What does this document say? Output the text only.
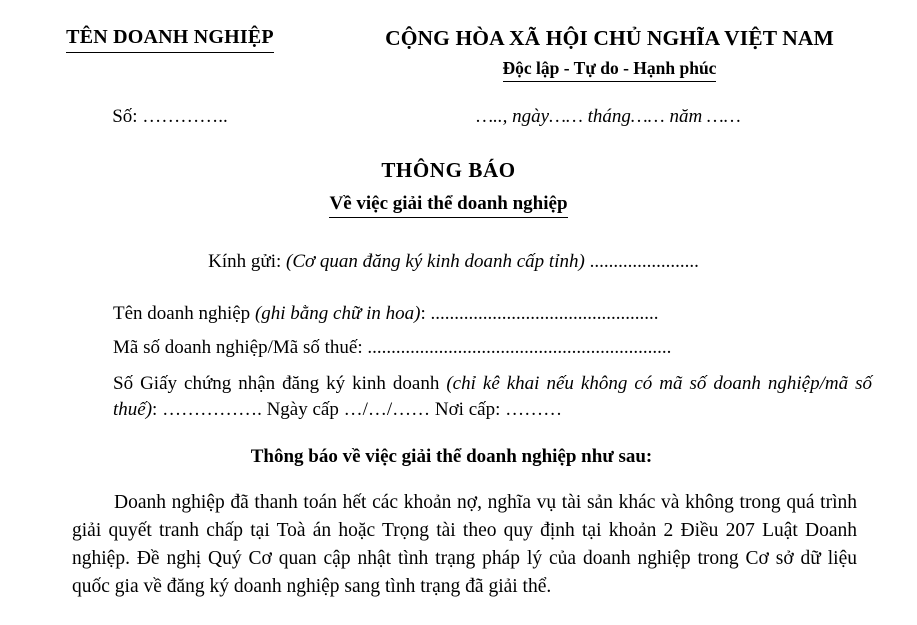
TÊN DOANH NGHIỆP	CỘNG HÒA XÃ HỘI CHỦ NGHĨA VIỆT NAM
Độc lập - Tự do - Hạnh phúc
Số: …………..	….., ngày…… tháng…… năm ……
THÔNG BÁO
Về việc giải thể doanh nghiệp
Kính gửi: (Cơ quan đăng ký kinh doanh cấp tỉnh) .......................
Tên doanh nghiệp (ghi bằng chữ in hoa): ................................................
Mã số doanh nghiệp/Mã số thuế: ................................................................
Số Giấy chứng nhận đăng ký kinh doanh (chỉ kê khai nếu không có mã số doanh nghiệp/mã số thuế): ……………. Ngày cấp …/…/…… Nơi cấp: ………
Thông báo về việc giải thể doanh nghiệp như sau:
Doanh nghiệp đã thanh toán hết các khoản nợ, nghĩa vụ tài sản khác và không trong quá trình giải quyết tranh chấp tại Toà án hoặc Trọng tài theo quy định tại khoản 2 Điều 207 Luật Doanh nghiệp. Đề nghị Quý Cơ quan cập nhật tình trạng pháp lý của doanh nghiệp trong Cơ sở dữ liệu quốc gia về đăng ký doanh nghiệp sang tình trạng đã giải thể.
